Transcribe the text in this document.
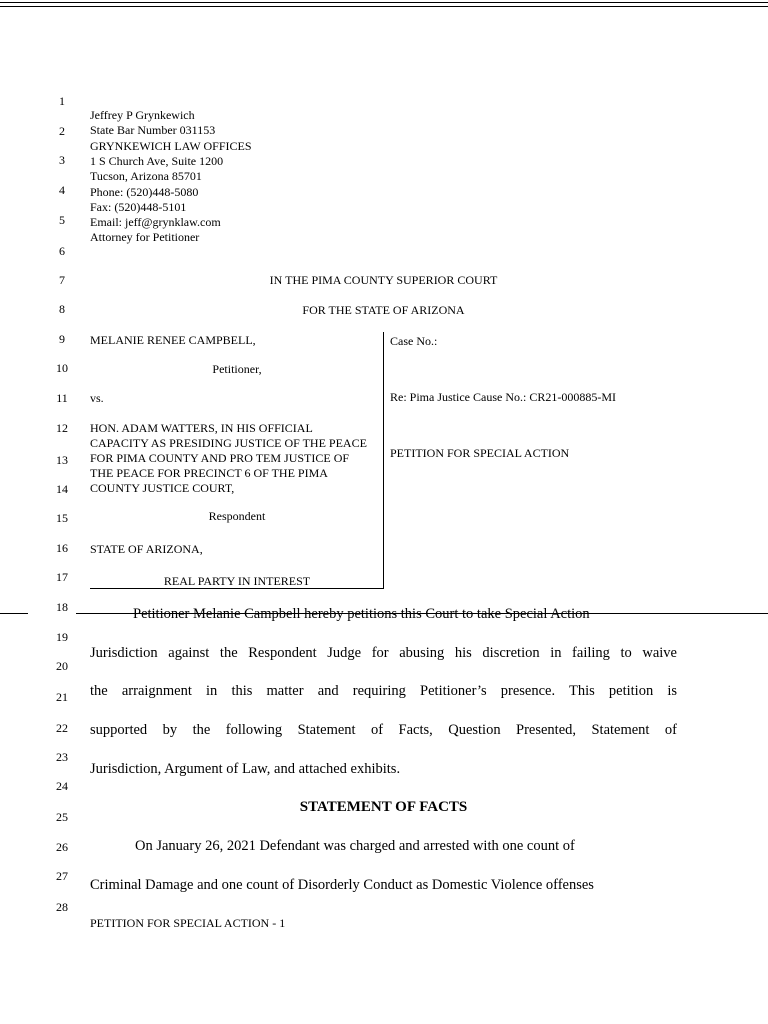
1
2
3
4
5
6
7
8
9
10
11
12
13
14
15
16
17
18
19
20
21
22
23
24
25
26
27
28
Jeffrey P Grynkewich
State Bar Number 031153
GRYNKEWICH LAW OFFICES
1 S Church Ave, Suite 1200
Tucson, Arizona 85701
Phone: (520)448-5080
Fax: (520)448-5101
Email: jeff@grynklaw.com
Attorney for Petitioner
IN THE PIMA COUNTY SUPERIOR COURT
FOR THE STATE OF ARIZONA
MELANIE RENEE CAMPBELL,
Petitioner,
vs.
HON. ADAM WATTERS, IN HIS OFFICIAL
CAPACITY AS PRESIDING JUSTICE OF THE PEACE
FOR PIMA COUNTY AND PRO TEM JUSTICE OF
THE PEACE FOR PRECINCT 6 OF THE PIMA
COUNTY JUSTICE COURT,
Respondent
STATE OF ARIZONA,
REAL PARTY IN INTEREST
Case No.:
Re: Pima Justice Cause No.: CR21-000885-MI
PETITION FOR SPECIAL ACTION
Petitioner Melanie Campbell hereby petitions this Court to take Special Action
Jurisdiction against the Respondent Judge for abusing his discretion in failing to waive
the arraignment in this matter and requiring Petitioner’s presence. This petition is
supported by the following Statement of Facts, Question Presented, Statement of
Jurisdiction, Argument of Law, and attached exhibits.
STATEMENT OF FACTS
On January 26, 2021 Defendant was charged and arrested with one count of
Criminal Damage and one count of Disorderly Conduct as Domestic Violence offenses
PETITION FOR SPECIAL ACTION - 1
